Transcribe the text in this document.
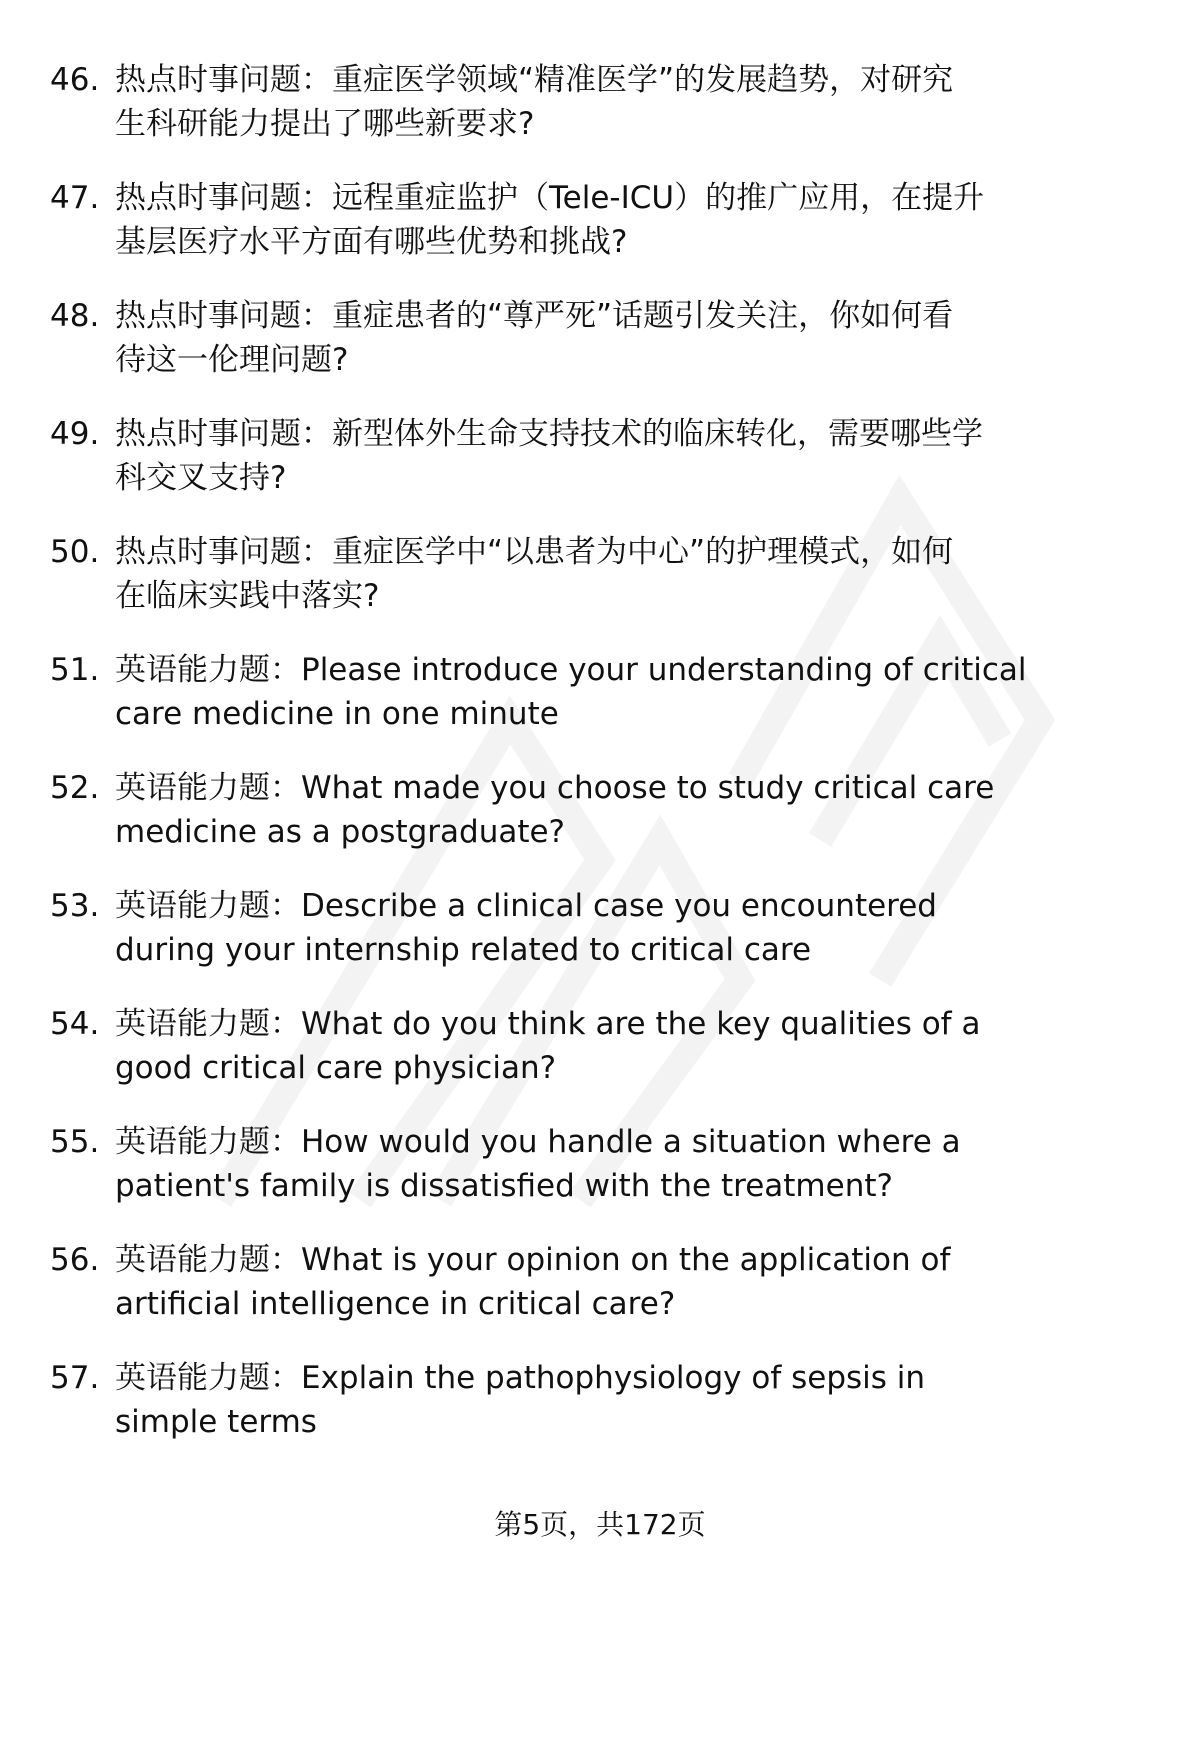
46. 热点时事问题：重症医学领域“精准医学”的发展趋势，对研究
生科研能力提出了哪些新要求?
47. 热点时事问题：远程重症监护（Tele-ICU）的推广应用，在提升
基层医疗水平方面有哪些优势和挑战?
48. 热点时事问题：重症患者的“尊严死”话题引发关注，你如何看
待这一伦理问题?
49. 热点时事问题：新型体外生命支持技术的临床转化，需要哪些学
科交叉支持?
50. 热点时事问题：重症医学中“以患者为中心”的护理模式，如何
在临床实践中落实?
51. 英语能力题：Please introduce your understanding of critical
care medicine in one minute
52. 英语能力题：What made you choose to study critical care
medicine as a postgraduate?
53. 英语能力题：Describe a clinical case you encountered
during your internship related to critical care
54. 英语能力题：What do you think are the key qualities of a
good critical care physician?
55. 英语能力题：How would you handle a situation where a
patient's family is dissatisfied with the treatment?
56. 英语能力题：What is your opinion on the application of
artificial intelligence in critical care?
57. 英语能力题：Explain the pathophysiology of sepsis in
simple terms
第5页，共172页
